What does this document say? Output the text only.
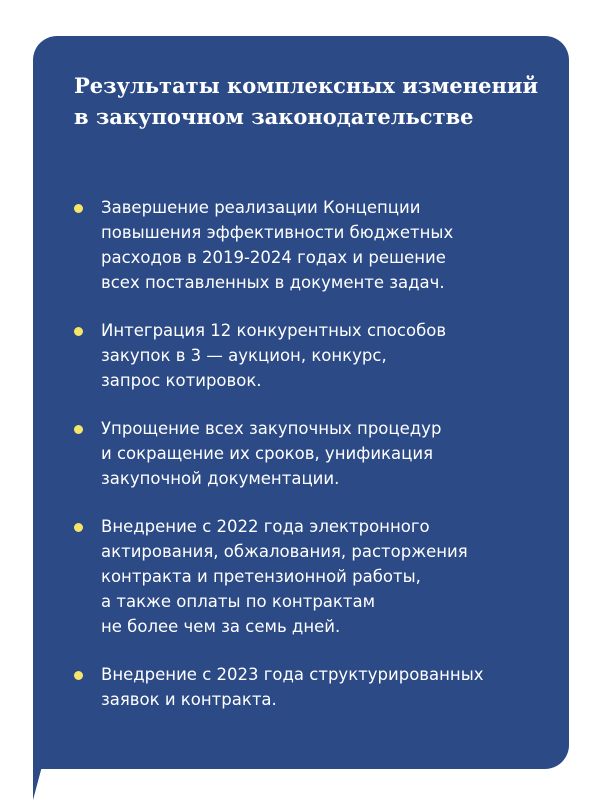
Результаты комплексных изменений
в закупочном законодательстве
Завершение реализации Концепции
повышения эффективности бюджетных
расходов в 2019-2024 годах и решение
всех поставленных в документе задач.
Интеграция 12 конкурентных способов
закупок в 3 — аукцион, конкурс,
запрос котировок.
Упрощение всех закупочных процедур
и сокращение их сроков, унификация
закупочной документации.
Внедрение с 2022 года электронного
актирования, обжалования, расторжения
контракта и претензионной работы,
а также оплаты по контрактам
не более чем за семь дней.
Внедрение с 2023 года структурированных
заявок и контракта.
